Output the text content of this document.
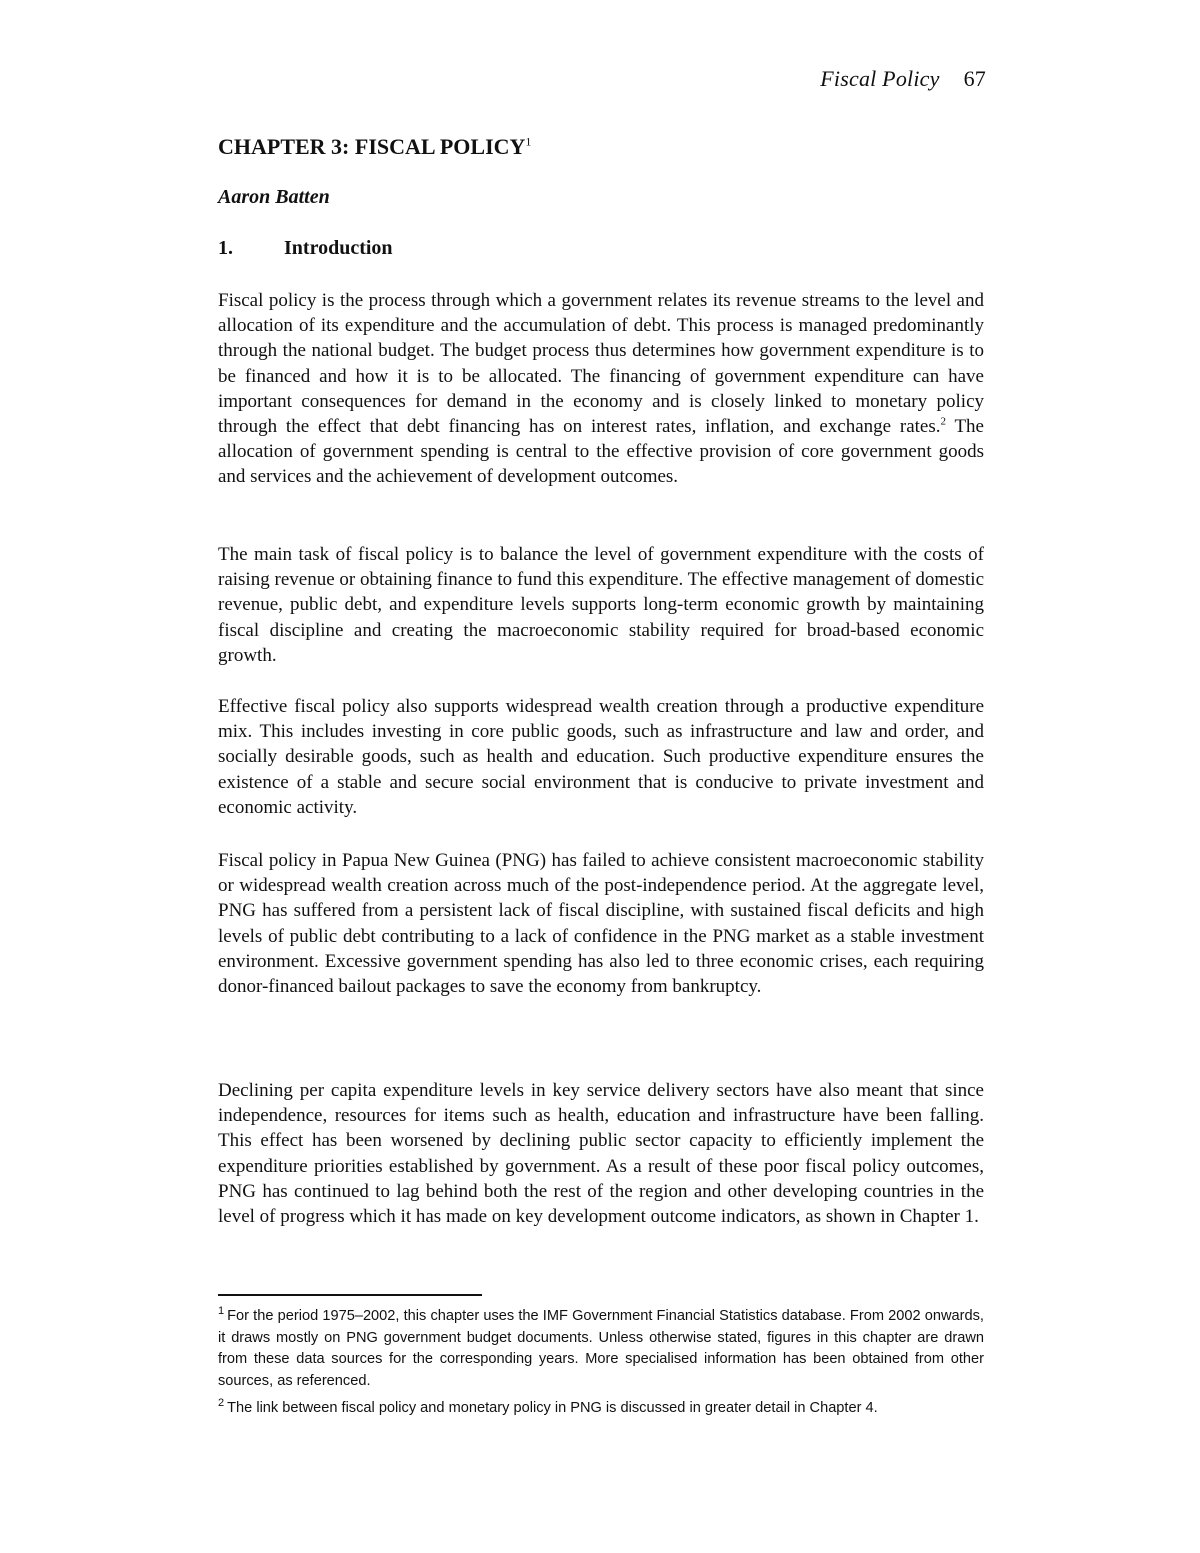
Fiscal Policy 67
CHAPTER 3: FISCAL POLICY$^1$
Aaron Batten
1.	Introduction

Fiscal policy is the process through which a government relates its revenue streams to the level and allocation of its expenditure and the accumulation of debt. This process is managed predominantly through the national budget. The budget process thus determines how government expenditure is to be financed and how it is to be allocated. The financing of government expenditure can have important consequences for demand in the economy and is closely linked to monetary policy through the effect that debt financing has on interest rates, inflation, and exchange rates.$^2$ The allocation of government spending is central to the effective provision of core government goods and services and the achievement of development outcomes.

The main task of fiscal policy is to balance the level of government expenditure with the costs of raising revenue or obtaining finance to fund this expenditure. The effective management of domestic revenue, public debt, and expenditure levels supports long-term economic growth by maintaining fiscal discipline and creating the macroeconomic stability required for broad-based economic growth.

Effective fiscal policy also supports widespread wealth creation through a productive expenditure mix. This includes investing in core public goods, such as infrastructure and law and order, and socially desirable goods, such as health and education. Such productive expenditure ensures the existence of a stable and secure social environment that is conducive to private investment and economic activity.

Fiscal policy in Papua New Guinea (PNG) has failed to achieve consistent macroeconomic stability or widespread wealth creation across much of the post-independence period. At the aggregate level, PNG has suffered from a persistent lack of fiscal discipline, with sustained fiscal deficits and high levels of public debt contributing to a lack of confidence in the PNG market as a stable investment environment. Excessive government spending has also led to three economic crises, each requiring donor-financed bailout packages to save the economy from bankruptcy.

Declining per capita expenditure levels in key service delivery sectors have also meant that since independence, resources for items such as health, education and infrastructure have been falling. This effect has been worsened by declining public sector capacity to efficiently implement the expenditure priorities established by government. As a result of these poor fiscal policy outcomes, PNG has continued to lag behind both the rest of the region and other developing countries in the level of progress which it has made on key development outcome indicators, as shown in Chapter 1.

$^1$ For the period 1975–2002, this chapter uses the IMF Government Financial Statistics database. From 2002 onwards, it draws mostly on PNG government budget documents. Unless otherwise stated, figures in this chapter are drawn from these data sources for the corresponding years. More specialised information has been obtained from other sources, as referenced.

$^2$ The link between fiscal policy and monetary policy in PNG is discussed in greater detail in Chapter 4.
